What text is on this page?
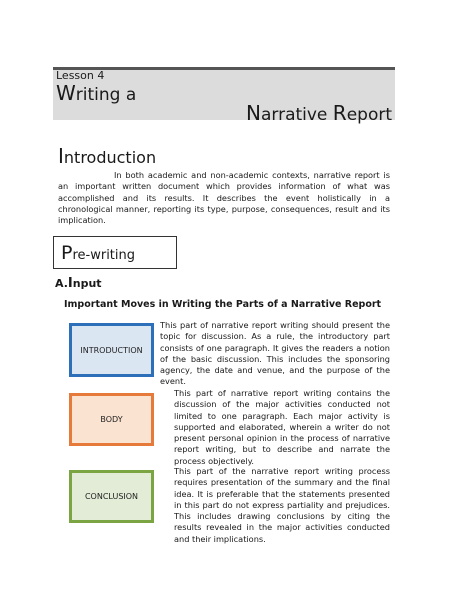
Lesson 4
Writing a
Narrative Report
Introduction
In both academic and non-academic contexts, narrative report is an important written document which provides information of what was accomplished and its results. It describes the event holistically in a chronological manner, reporting its type, purpose, consequences, result and its implication.
Pre-writing
A.Input
Important Moves in Writing the Parts of a Narrative Report
INTRODUCTION
This part of narrative report writing should present the topic for discussion. As a rule, the introductory part consists of one paragraph. It gives the readers a notion of the basic discussion. This includes the sponsoring agency, the date and venue, and the purpose of the event.
BODY
This part of narrative report writing contains the discussion of the major activities conducted not limited to one paragraph. Each major activity is supported and elaborated, wherein a writer do not present personal opinion in the process of narrative report writing, but to describe and narrate the process objectively.
CONCLUSION
This part of the narrative report writing process requires presentation of the summary and the final idea. It is preferable that the statements presented in this part do not express partiality and prejudices. This includes drawing conclusions by citing the results revealed in the major activities conducted and their implications.
